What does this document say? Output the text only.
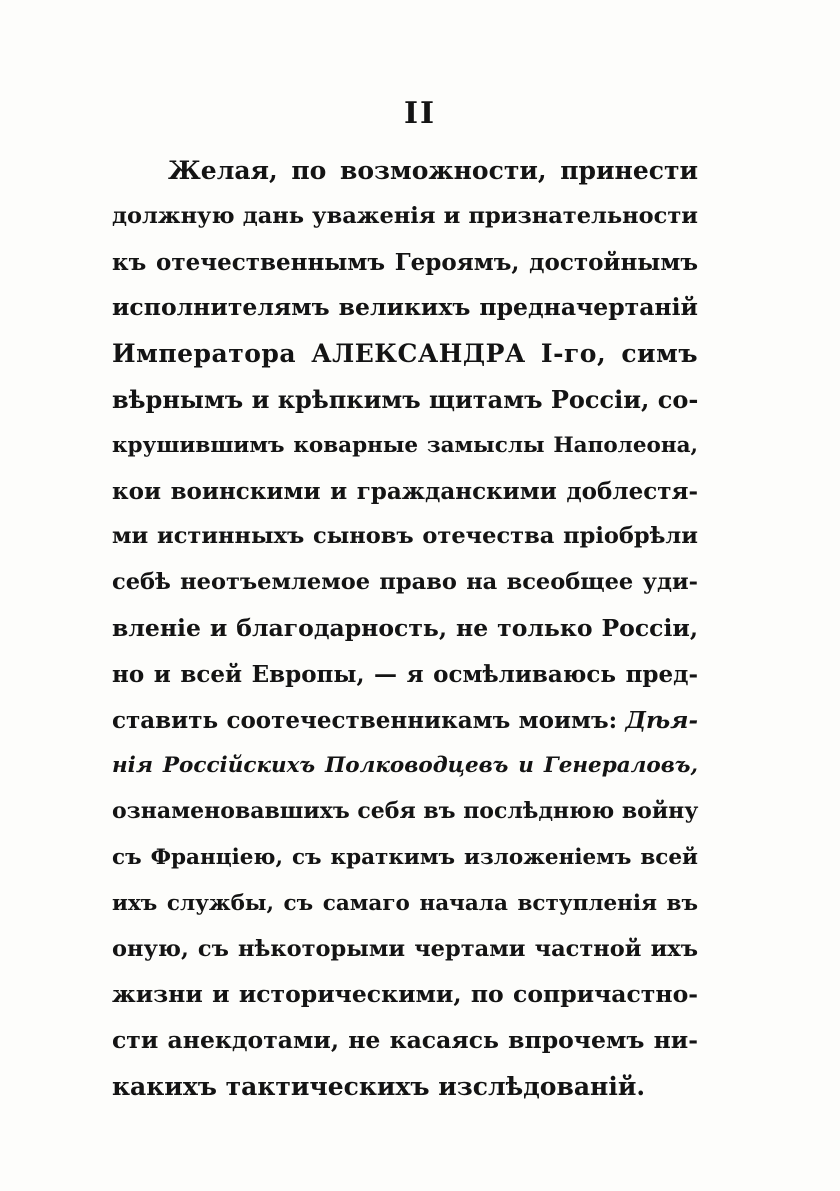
II
Желая, по возможности, принести
должную дань уваженія и признательности
къ отечественнымъ Героямъ, достойнымъ
исполнителямъ великихъ предначертаній
Императора АЛЕКСАНДРА I-го, симъ
вѣрнымъ и крѣпкимъ щитамъ Россіи, со-
крушившимъ коварные замыслы Наполеона,
кои воинскими и гражданскими доблестя-
ми истинныхъ сыновъ отечества пріобрѣли
себѣ неотъемлемое право на всеобщее уди-
вленіе и благодарность, не только Россіи,
но и всей Европы, — я осмѣливаюсь пред-
ставить соотечественникамъ моимъ: Дѣя-
нія Россійскихъ Полководцевъ и Генераловъ,
ознаменовавшихъ себя въ послѣднюю войну
съ Франціею, съ краткимъ изложеніемъ всей
ихъ службы, съ самаго начала вступленія въ
оную, съ нѣкоторыми чертами частной ихъ
жизни и историческими, по сопричастно-
сти анекдотами, не касаясь впрочемъ ни-
какихъ тактическихъ изслѣдованій.
